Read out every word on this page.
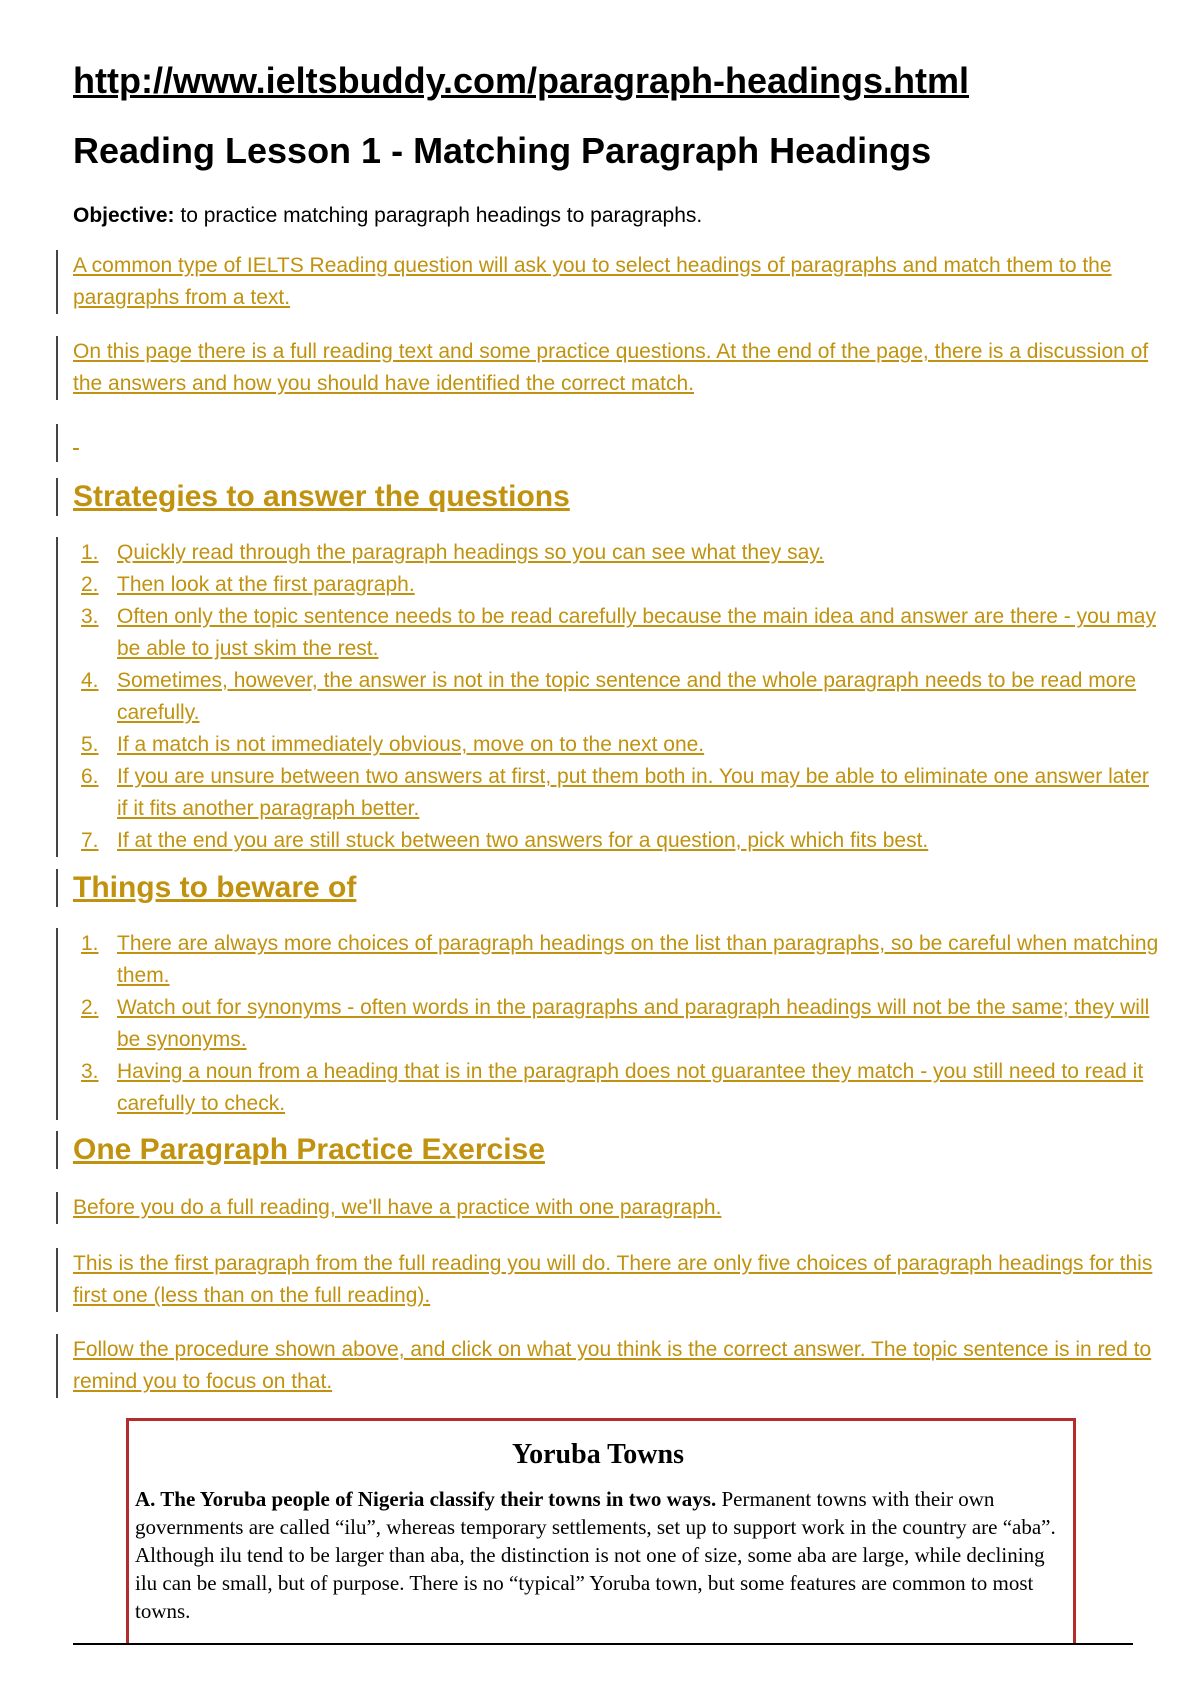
http://www.ieltsbuddy.com/paragraph-headings.html

Reading Lesson 1 - Matching Paragraph Headings

Objective: to practice matching paragraph headings to paragraphs.

A common type of IELTS Reading question will ask you to select headings of paragraphs and match them to the paragraphs from a text.

On this page there is a full reading text and some practice questions. At the end of the page, there is a discussion of the answers and how you should have identified the correct match.

Strategies to answer the questions
1. Quickly read through the paragraph headings so you can see what they say.
2. Then look at the first paragraph.
3. Often only the topic sentence needs to be read carefully because the main idea and answer are there - you may be able to just skim the rest.
4. Sometimes, however, the answer is not in the topic sentence and the whole paragraph needs to be read more carefully.
5. If a match is not immediately obvious, move on to the next one.
6. If you are unsure between two answers at first, put them both in. You may be able to eliminate one answer later if it fits another paragraph better.
7. If at the end you are still stuck between two answers for a question, pick which fits best.
Things to beware of
1. There are always more choices of paragraph headings on the list than paragraphs, so be careful when matching them.
2. Watch out for synonyms - often words in the paragraphs and paragraph headings will not be the same; they will be synonyms.
3. Having a noun from a heading that is in the paragraph does not guarantee they match - you still need to read it carefully to check.
One Paragraph Practice Exercise

Before you do a full reading, we'll have a practice with one paragraph.

This is the first paragraph from the full reading you will do. There are only five choices of paragraph headings for this first one (less than on the full reading).

Follow the procedure shown above, and click on what you think is the correct answer. The topic sentence is in red to remind you to focus on that.

Yoruba Towns

A. The Yoruba people of Nigeria classify their towns in two ways. Permanent towns with their own governments are called “ilu”, whereas temporary settlements, set up to support work in the country are “aba”. Although ilu tend to be larger than aba, the distinction is not one of size, some aba are large, while declining ilu can be small, but of purpose. There is no “typical” Yoruba town, but some features are common to most towns.
